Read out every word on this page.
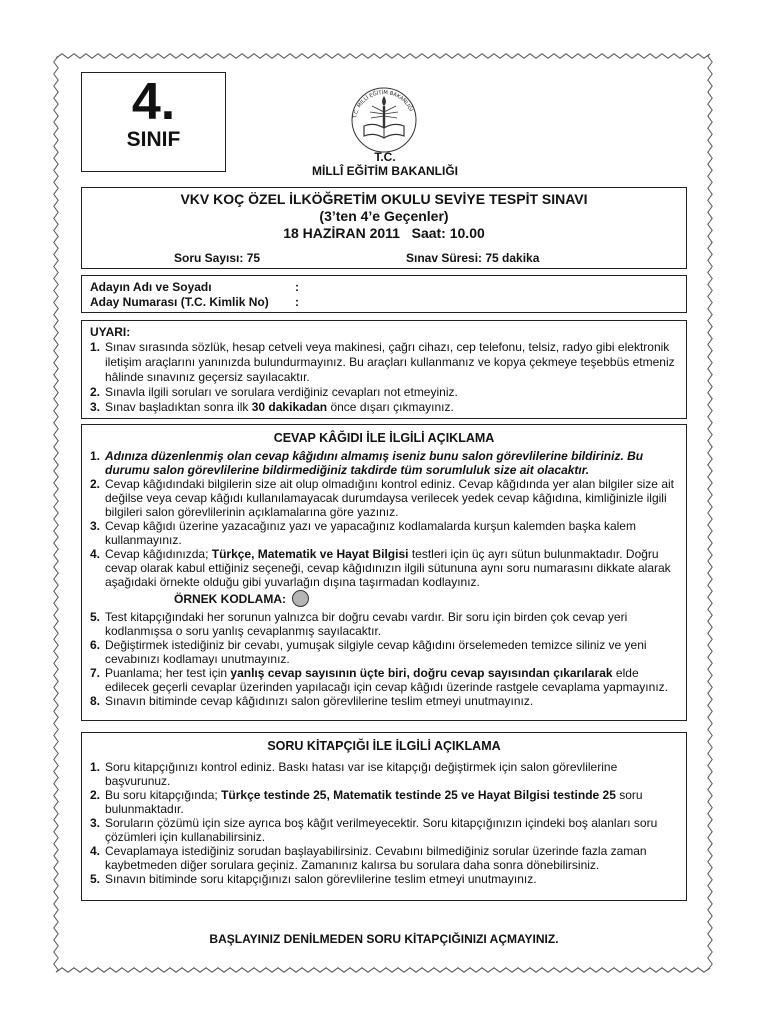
4.
SINIF
T.C. MİLLÎ EĞİTİM BAKANLIĞI
T.C.
MİLLÎ EĞİTİM BAKANLIĞI
VKV KOÇ ÖZEL İLKÖĞRETİM OKULU SEVİYE TESPİT SINAVI
(3’ten 4’e Geçenler)
18 HAZİRAN 2011 Saat: 10.00
Soru Sayısı: 75	Sınav Süresi: 75 dakika
Adayın Adı ve Soyadı	:
Aday Numarası (T.C. Kimlik No) :
UYARI:
1. Sınav sırasında sözlük, hesap cetveli veya makinesi, çağrı cihazı, cep telefonu, telsiz, radyo gibi elektronik iletişim araçlarını yanınızda bulundurmayınız. Bu araçları kullanmanız ve kopya çekmeye teşebbüs etmeniz hâlinde sınavınız geçersiz sayılacaktır.
2. Sınavla ilgili soruları ve sorulara verdiğiniz cevapları not etmeyiniz.
3. Sınav başladıktan sonra ilk 30 dakikadan önce dışarı çıkmayınız.
CEVAP KÂĞIDI İLE İLGİLİ AÇIKLAMA
1. Adınıza düzenlenmiş olan cevap kâğıdını almamış iseniz bunu salon görevlilerine bildiriniz. Bu durumu salon görevlilerine bildirmediğiniz takdirde tüm sorumluluk size ait olacaktır.
2. Cevap kâğıdındaki bilgilerin size ait olup olmadığını kontrol ediniz. Cevap kâğıdında yer alan bilgiler size ait değilse veya cevap kâğıdı kullanılamayacak durumdaysa verilecek yedek cevap kâğıdına, kimliğinizle ilgili bilgileri salon görevlilerinin açıklamalarına göre yazınız.
3. Cevap kâğıdı üzerine yazacağınız yazı ve yapacağınız kodlamalarda kurşun kalemden başka kalem kullanmayınız.
4. Cevap kâğıdınızda; Türkçe, Matematik ve Hayat Bilgisi testleri için üç ayrı sütun bulunmaktadır. Doğru cevap olarak kabul ettiğiniz seçeneği, cevap kâğıdınızın ilgili sütununa aynı soru numarasını dikkate alarak aşağıdaki örnekte olduğu gibi yuvarlağın dışına taşırmadan kodlayınız.
ÖRNEK KODLAMA:
5. Test kitapçığındaki her sorunun yalnızca bir doğru cevabı vardır. Bir soru için birden çok cevap yeri kodlanmışsa o soru yanlış cevaplanmış sayılacaktır.
6. Değiştirmek istediğiniz bir cevabı, yumuşak silgiyle cevap kâğıdını örselemeden temizce siliniz ve yeni cevabınızı kodlamayı unutmayınız.
7. Puanlama; her test için yanlış cevap sayısının üçte biri, doğru cevap sayısından çıkarılarak elde edilecek geçerli cevaplar üzerinden yapılacağı için cevap kâğıdı üzerinde rastgele cevaplama yapmayınız.
8. Sınavın bitiminde cevap kâğıdınızı salon görevlilerine teslim etmeyi unutmayınız.
SORU KİTAPÇIĞI İLE İLGİLİ AÇIKLAMA
1. Soru kitapçığınızı kontrol ediniz. Baskı hatası var ise kitapçığı değiştirmek için salon görevlilerine başvurunuz.
2. Bu soru kitapçığında; Türkçe testinde 25, Matematik testinde 25 ve Hayat Bilgisi testinde 25 soru bulunmaktadır.
3. Soruların çözümü için size ayrıca boş kâğıt verilmeyecektir. Soru kitapçığınızın içindeki boş alanları soru çözümleri için kullanabilirsiniz.
4. Cevaplamaya istediğiniz sorudan başlayabilirsiniz. Cevabını bilmediğiniz sorular üzerinde fazla zaman kaybetmeden diğer sorulara geçiniz. Zamanınız kalırsa bu sorulara daha sonra dönebilirsiniz.
5. Sınavın bitiminde soru kitapçığınızı salon görevlilerine teslim etmeyi unutmayınız.
BAŞLAYINIZ DENİLMEDEN SORU KİTAPÇIĞINIZI AÇMAYINIZ.
